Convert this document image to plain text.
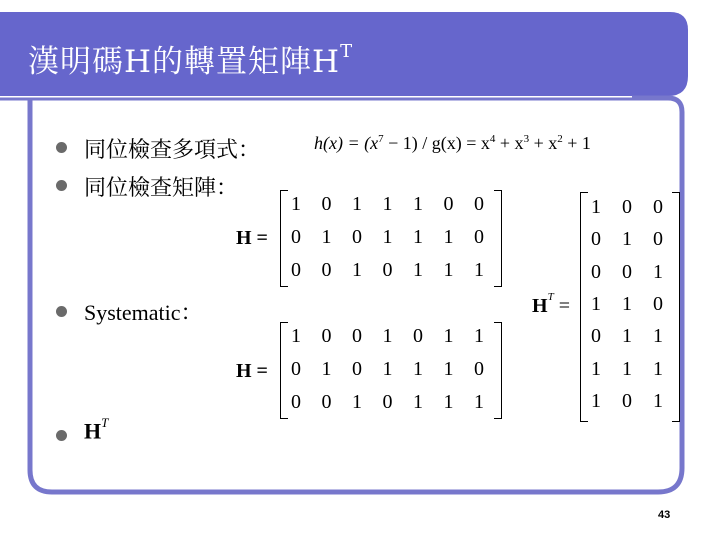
漢明碼H的轉置矩陣$H^T$
同位檢查多項式：
同位檢查矩陣：
Systematic：
$H^T$
$h(x) = (x^7 - 1) / g(x) = x^4 + x^3 + x^2 + 1$
H =
1 0 1 1 1 0 0
0 1 0 1 1 1 0
0 0 1 0 1 1 1
H =
1 0 0 1 0 1 1
0 1 0 1 1 1 0
0 0 1 0 1 1 1
$H^T$ =
1 0 0
0 1 0
0 0 1
1 1 0
0 1 1
1 1 1
1 0 1
43
